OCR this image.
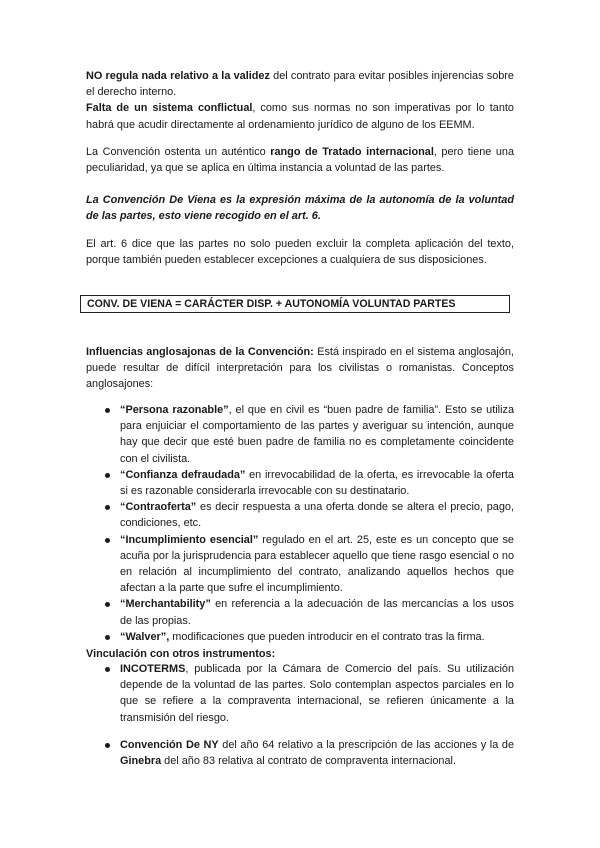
NO regula nada relativo a la validez del contrato para evitar posibles injerencias sobre el derecho interno.
Falta de un sistema conflictual, como sus normas no son imperativas por lo tanto habrá que acudir directamente al ordenamiento jurídico de alguno de los EEMM.

La Convención ostenta un auténtico rango de Tratado internacional, pero tiene una peculiaridad, ya que se aplica en última instancia a voluntad de las partes.

La Convención De Viena es la expresión máxima de la autonomía de la voluntad de las partes, esto viene recogido en el art. 6.

El art. 6 dice que las partes no solo pueden excluir la completa aplicación del texto, porque también pueden establecer excepciones a cualquiera de sus disposiciones.

CONV. DE VIENA = CARÁCTER DISP. + AUTONOMÍA VOLUNTAD PARTES

Influencias anglosajonas de la Convención: Está inspirado en el sistema anglosajón, puede resultar de difícil interpretación para los civilistas o romanistas. Conceptos anglosajones:

“Persona razonable”, el que en civil es “buen padre de familia”. Esto se utiliza para enjuiciar el comportamiento de las partes y averiguar su intención, aunque hay que decir que esté buen padre de familia no es completamente coincidente con el civilista.
“Confianza defraudada” en irrevocabilidad de la oferta, es irrevocable la oferta si es razonable considerarla irrevocable con su destinatario.
“Contraoferta” es decir respuesta a una oferta donde se altera el precio, pago, condiciones, etc.
“Incumplimiento esencial” regulado en el art. 25, este es un concepto que se acuña por la jurisprudencia para establecer aquello que tiene rasgo esencial o no en relación al incumplimiento del contrato, analizando aquellos hechos que afectan a la parte que sufre el incumplimiento.
“Merchantability” en referencia a la adecuación de las mercancías a los usos de las propias.
“Walver”, modificaciones que pueden introducir en el contrato tras la firma.

Vinculación con otros instrumentos:

INCOTERMS, publicada por la Cámara de Comercio del país. Su utilización depende de la voluntad de las partes. Solo contemplan aspectos parciales en lo que se refiere a la compraventa internacional, se refieren únicamente a la transmisión del riesgo.
Convención De NY del año 64 relativo a la prescripción de las acciones y la de Ginebra del año 83 relativa al contrato de compraventa internacional.
